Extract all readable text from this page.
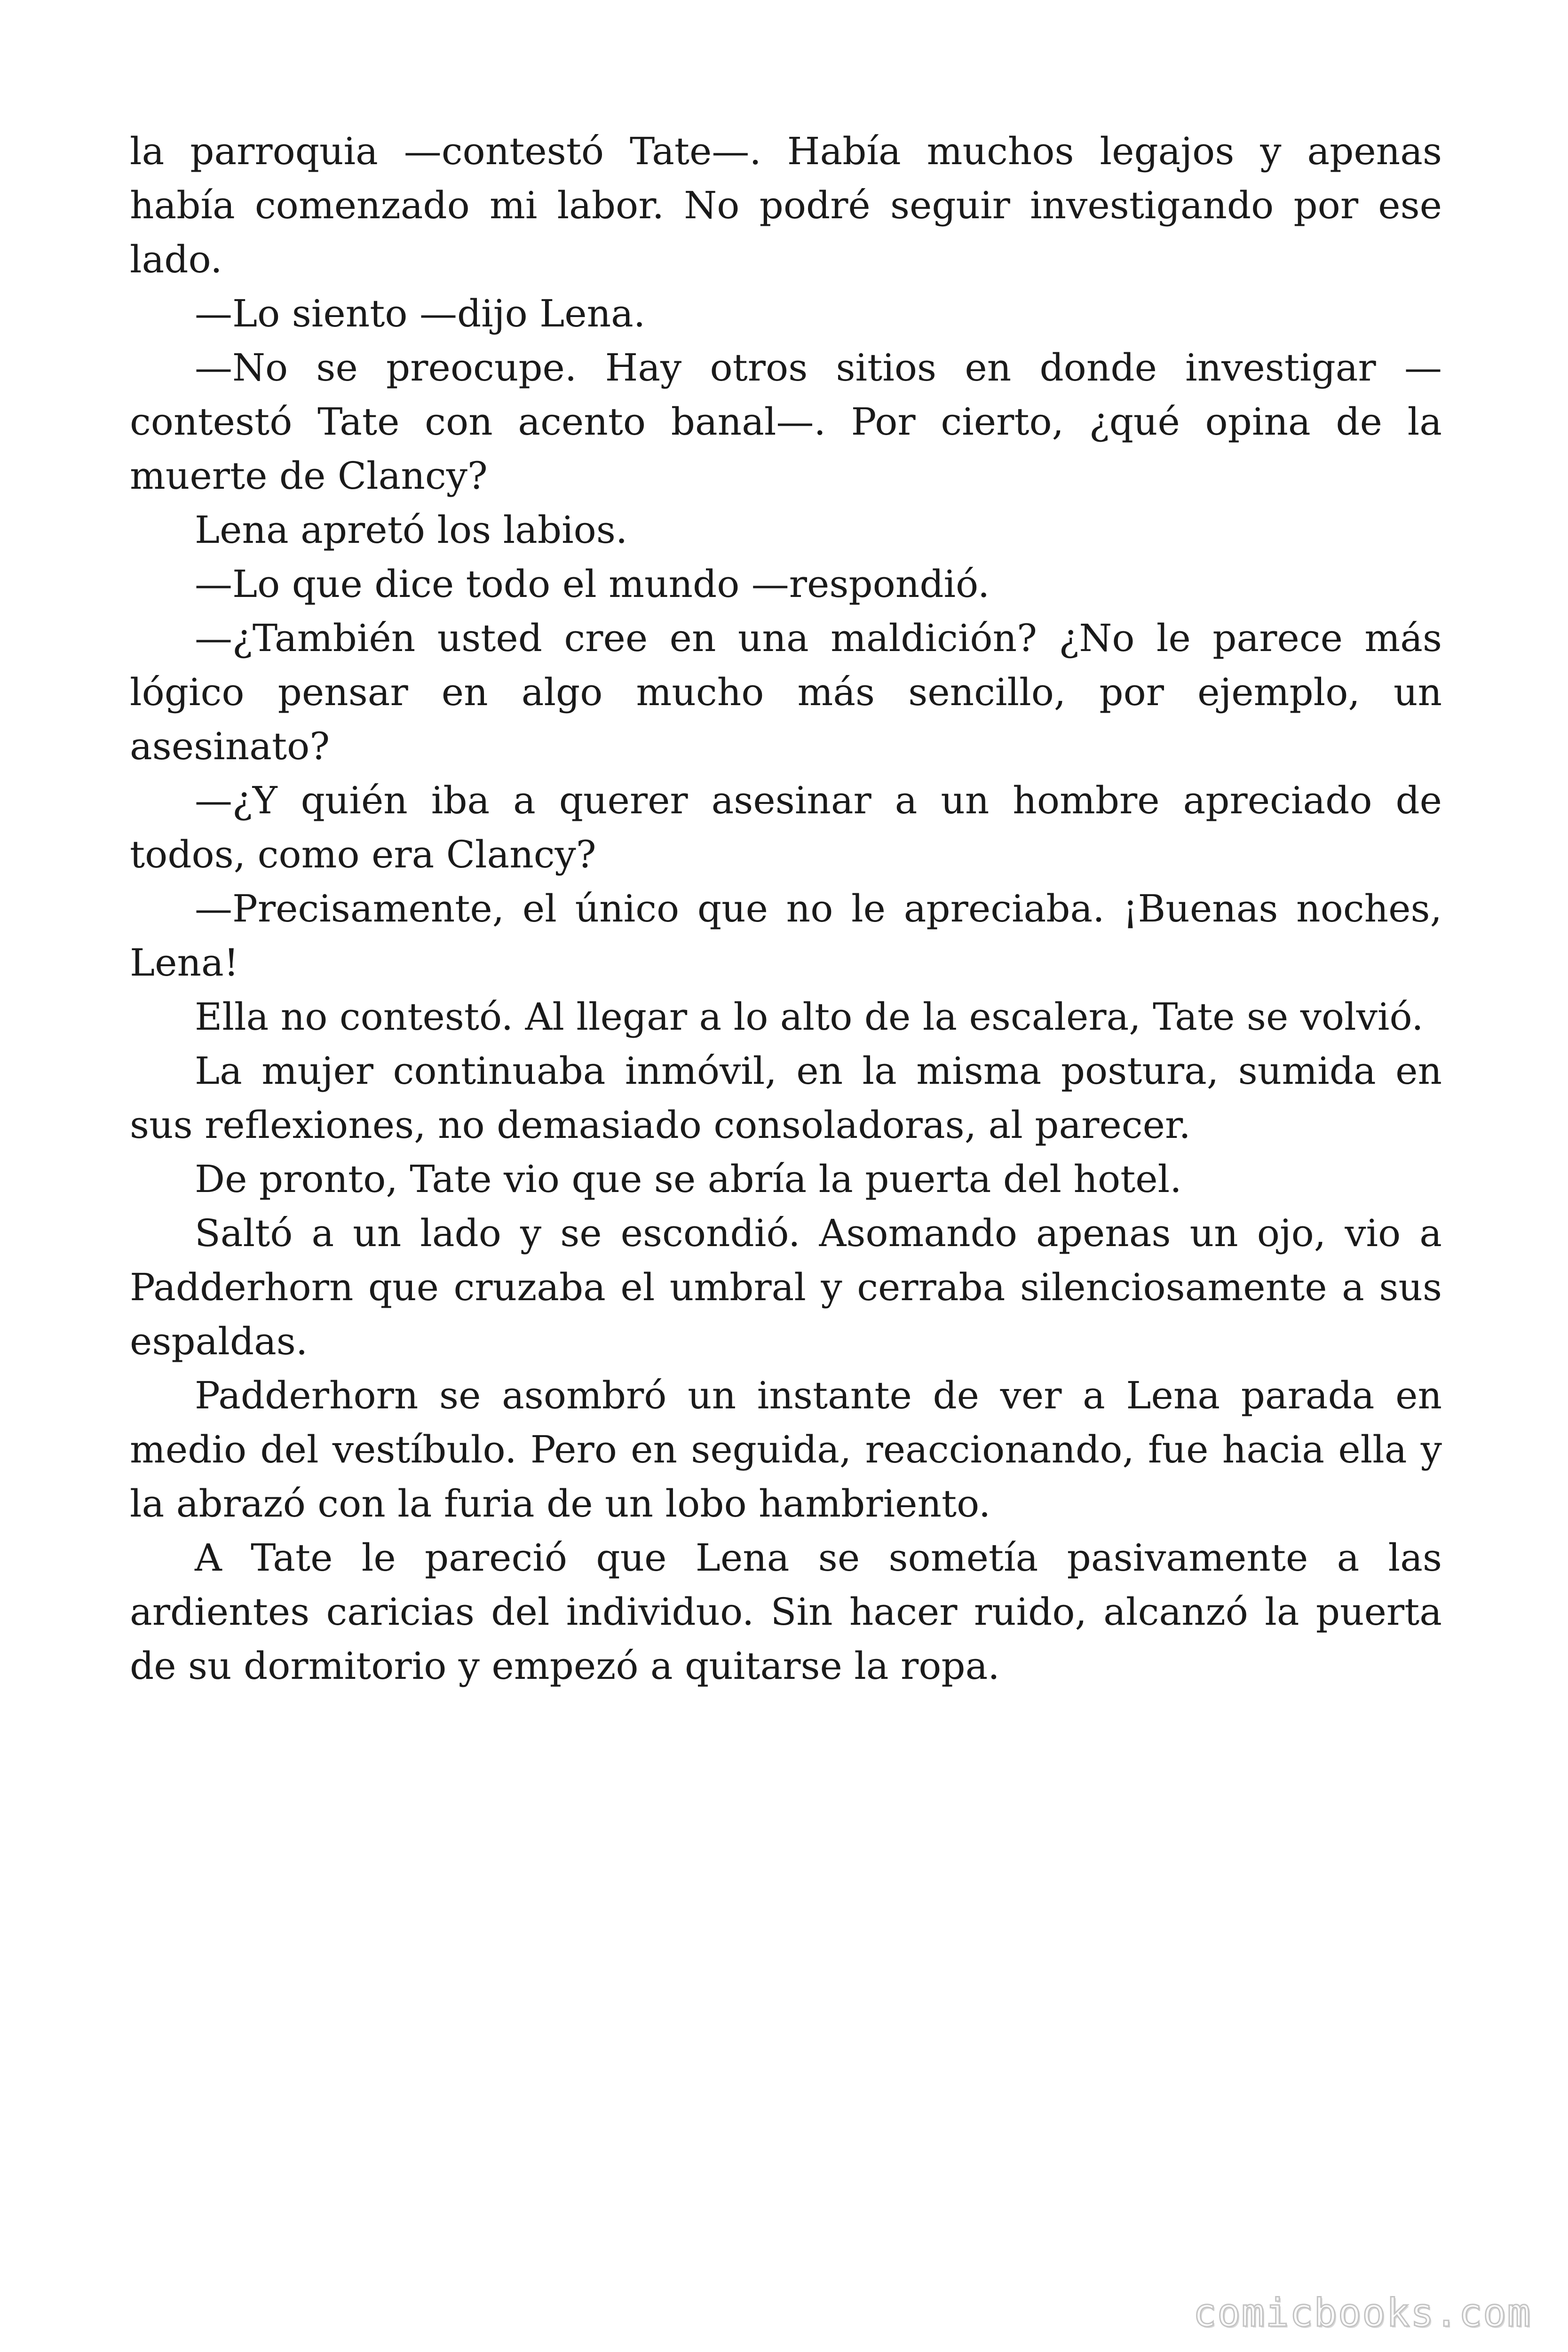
la parroquia —contestó Tate—. Había muchos legajos y apenas había comenzado mi labor. No podré seguir investigando por ese lado.

—Lo siento —dijo Lena.

—No se preocupe. Hay otros sitios en donde investigar —contestó Tate con acento banal—. Por cierto, ¿qué opina de la muerte de Clancy?

Lena apretó los labios.

—Lo que dice todo el mundo —respondió.

—¿También usted cree en una maldición? ¿No le parece más lógico pensar en algo mucho más sencillo, por ejemplo, un asesinato?

—¿Y quién iba a querer asesinar a un hombre apreciado de todos, como era Clancy?

—Precisamente, el único que no le apreciaba. ¡Buenas noches, Lena!

Ella no contestó. Al llegar a lo alto de la escalera, Tate se volvió.

La mujer continuaba inmóvil, en la misma postura, sumida en sus reflexiones, no demasiado consoladoras, al parecer.

De pronto, Tate vio que se abría la puerta del hotel.

Saltó a un lado y se escondió. Asomando apenas un ojo, vio a Padderhorn que cruzaba el umbral y cerraba silenciosamente a sus espaldas.

Padderhorn se asombró un instante de ver a Lena parada en medio del vestíbulo. Pero en seguida, reaccionando, fue hacia ella y la abrazó con la furia de un lobo hambriento.

A Tate le pareció que Lena se sometía pasivamente a las ardientes caricias del individuo. Sin hacer ruido, alcanzó la puerta de su dormitorio y empezó a quitarse la ropa.

comicbooks.com
